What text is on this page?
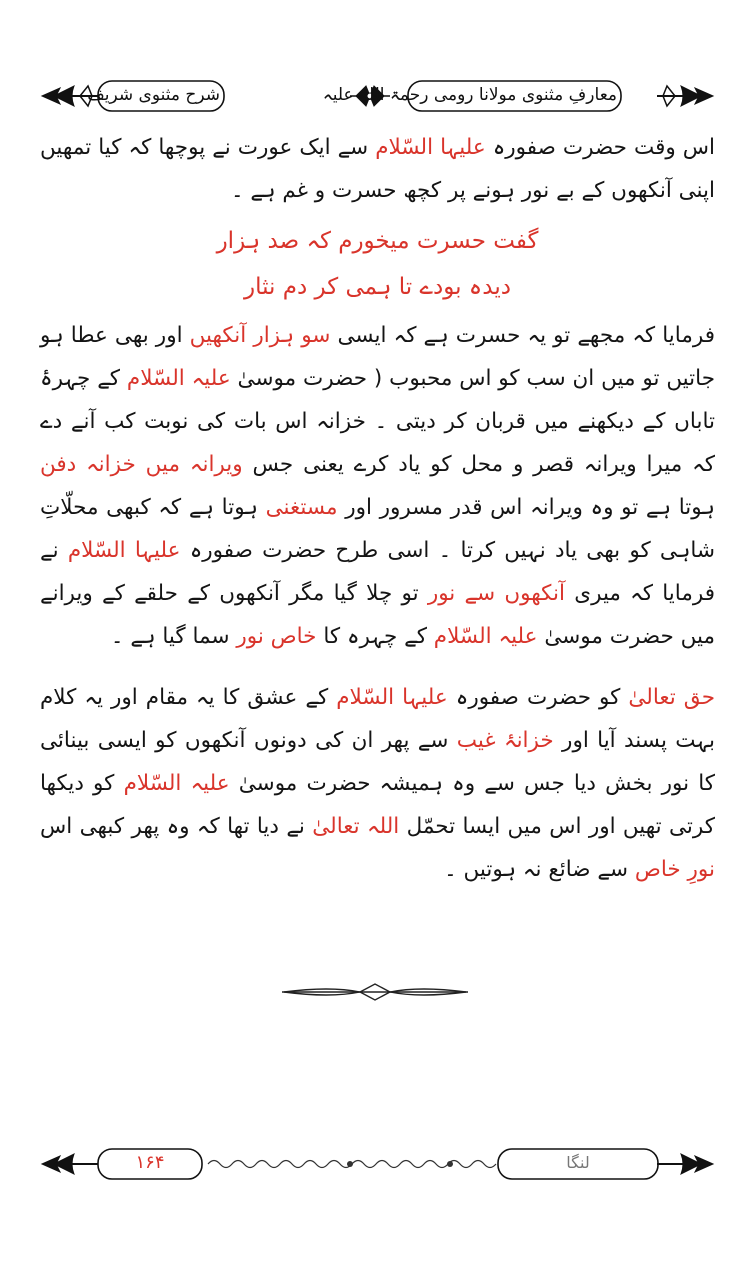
شرح مثنوی شریف	معارفِ مثنوی مولانا رومی رحمۃ اللہ علیہ

اس وقت حضرت صفورہ علیہا السّلام سے ایک عورت نے پوچھا کہ کیا تمھیں اپنی آنکھوں کے بے نور ہونے پر کچھ حسرت و غم ہے ۔

گفت حسرت میخورم کہ صد ہزار
دیدہ بودے تا ہمی کر دم نثار

فرمایا کہ مجھے تو یہ حسرت ہے کہ ایسی سو ہزار آنکھیں اور بھی عطا ہو جاتیں تو میں ان سب کو اس محبوب ( حضرت موسیٰ علیہ السّلام کے چہرۂ تاباں کے دیکھنے میں قربان کر دیتی ۔ خزانہ اس بات کی نوبت کب آنے دے کہ میرا ویرانہ قصر و محل کو یاد کرے یعنی جس ویرانہ میں خزانہ دفن ہوتا ہے تو وہ ویرانہ اس قدر مسرور اور مستغنی ہوتا ہے کہ کبھی محلّاتِ شاہی کو بھی یاد نہیں کرتا ۔ اسی طرح حضرت صفورہ علیہا السّلام نے فرمایا کہ میری آنکھوں سے نور تو چلا گیا مگر آنکھوں کے حلقے کے ویرانے میں حضرت موسیٰ علیہ السّلام کے چہرہ کا خاص نور سما گیا ہے ۔

حق تعالیٰ کو حضرت صفورہ علیہا السّلام کے عشق کا یہ مقام اور یہ کلام بہت پسند آیا اور خزانۂ غیب سے پھر ان کی دونوں آنکھوں کو ایسی بینائی کا نور بخش دیا جس سے وہ ہمیشہ حضرت موسیٰ علیہ السّلام کو دیکھا کرتی تھیں اور اس میں ایسا تحمّل اللہ تعالیٰ نے دیا تھا کہ وہ پھر کبھی اس نورِ خاص سے ضائع نہ ہوتیں ۔

۱۶۴	لنگا
